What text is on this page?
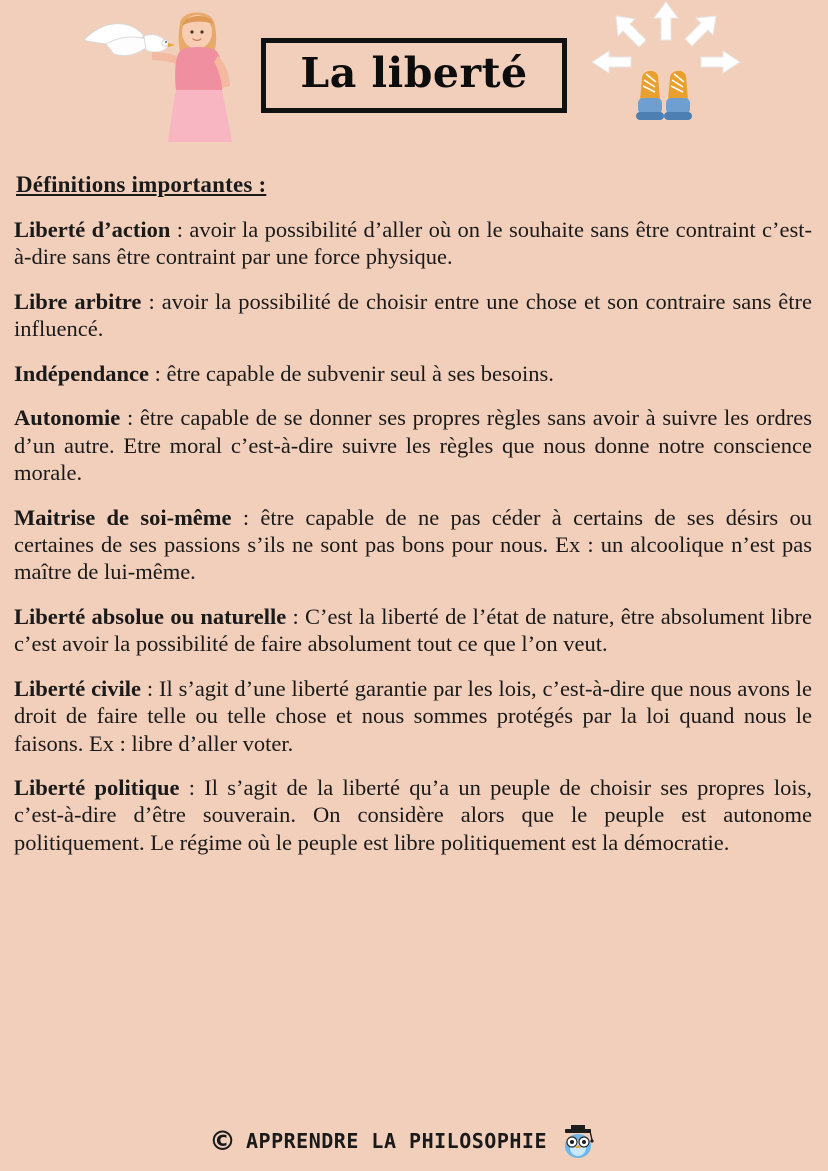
La liberté
Définitions importantes :

Liberté d’action : avoir la possibilité d’aller où on le souhaite sans être contraint c’est-à-dire sans être contraint par une force physique.

Libre arbitre : avoir la possibilité de choisir entre une chose et son contraire sans être influencé.

Indépendance : être capable de subvenir seul à ses besoins.

Autonomie : être capable de se donner ses propres règles sans avoir à suivre les ordres d’un autre. Etre moral c’est-à-dire suivre les règles que nous donne notre conscience morale.

Maitrise de soi-même : être capable de ne pas céder à certains de ses désirs ou certaines de ses passions s’ils ne sont pas bons pour nous. Ex : un alcoolique n’est pas maître de lui-même.

Liberté absolue ou naturelle : C’est la liberté de l’état de nature, être absolument libre c’est avoir la possibilité de faire absolument tout ce que l’on veut.

Liberté civile : Il s’agit d’une liberté garantie par les lois, c’est-à-dire que nous avons le droit de faire telle ou telle chose et nous sommes protégés par la loi quand nous le faisons. Ex : libre d’aller voter.

Liberté politique : Il s’agit de la liberté qu’a un peuple de choisir ses propres lois, c’est-à-dire d’être souverain. On considère alors que le peuple est autonome politiquement. Le régime où le peuple est libre politiquement est la démocratie.

© APPRENDRE LA PHILOSOPHIE
